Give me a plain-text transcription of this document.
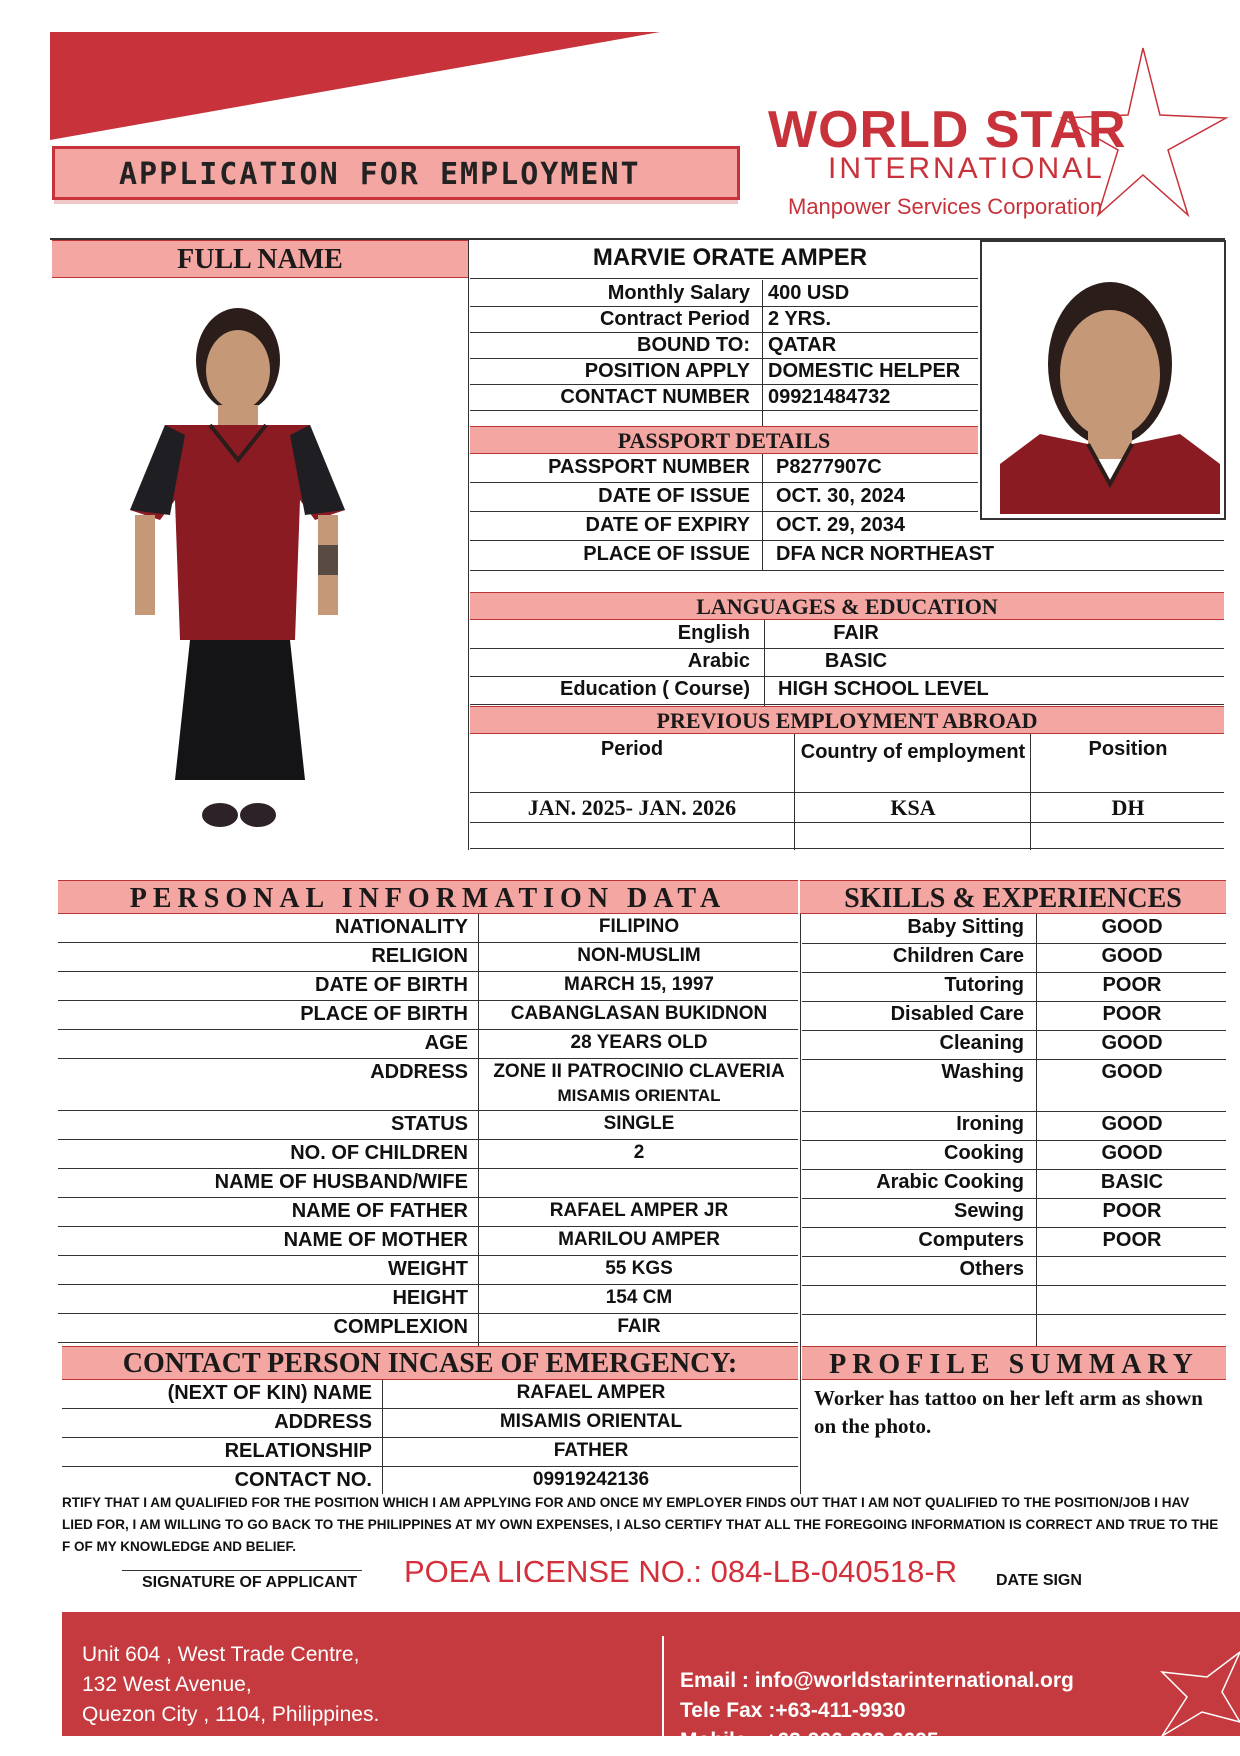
APPLICATION FOR EMPLOYMENT
WORLD STAR
INTERNATIONAL
Manpower Services Corporation
FULL NAME	MARVIE ORATE AMPER
Monthly Salary 400 USD
Contract Period 2 YRS.
BOUND TO: QATAR
POSITION APPLY DOMESTIC HELPER
CONTACT NUMBER 09921484732
PASSPORT DETAILS
PASSPORT NUMBER	P8277907C
DATE OF ISSUE	OCT. 30, 2024
DATE OF EXPIRY	OCT. 29, 2034
PLACE OF ISSUE	DFA NCR NORTHEAST
LANGUAGES & EDUCATION
English	FAIR
Arabic	BASIC
Education ( Course)	HIGH SCHOOL LEVEL
PREVIOUS EMPLOYMENT ABROAD
Period	Country of employment	Position
JAN. 2025- JAN. 2026	KSA	DH
PERSONAL INFORMATION DATA	SKILLS & EXPERIENCES
NATIONALITY	FILIPINO
RELIGION	NON-MUSLIM
DATE OF BIRTH	MARCH 15, 1997
PLACE OF BIRTH	CABANGLASAN BUKIDNON
AGE	28 YEARS OLD
ADDRESS	ZONE II PATROCINIO CLAVERIA
MISAMIS ORIENTAL
STATUS	SINGLE
NO. OF CHILDREN	2
NAME OF HUSBAND/WIFE
NAME OF FATHER	RAFAEL AMPER JR
NAME OF MOTHER	MARILOU AMPER
WEIGHT	55 KGS
HEIGHT	154 CM
COMPLEXION	FAIR
Baby Sitting	GOOD
Children Care	GOOD
Tutoring	POOR
Disabled Care	POOR
Cleaning	GOOD
Washing	GOOD
Ironing	GOOD
Cooking	GOOD
Arabic Cooking	BASIC
Sewing	POOR
Computers	POOR
Others
CONTACT PERSON INCASE OF EMERGENCY:
(NEXT OF KIN) NAME	RAFAEL AMPER
ADDRESS	MISAMIS ORIENTAL
RELATIONSHIP	FATHER
CONTACT NO.	09919242136
PROFILE SUMMARY
Worker has tattoo on her left arm as shown on the photo.
RTIFY THAT I AM QUALIFIED FOR THE POSITION WHICH I AM APPLYING FOR AND ONCE MY EMPLOYER FINDS OUT THAT I AM NOT QUALIFIED TO THE POSITION/JOB I HAV
LIED FOR, I AM WILLING TO GO BACK TO THE PHILIPPINES AT MY OWN EXPENSES, I ALSO CERTIFY THAT ALL THE FOREGOING INFORMATION IS CORRECT AND TRUE TO THE
F OF MY KNOWLEDGE AND BELIEF.
SIGNATURE OF APPLICANT POEA LICENSE NO.: 084-LB-040518-R DATE SIGN
Unit 604 , West Trade Centre,
132 West Avenue,
Quezon City , 1104, Philippines.
Email : info@worldstarinternational.org
Tele Fax :+63-411-9930
Mobile : +63-906-232-6695
